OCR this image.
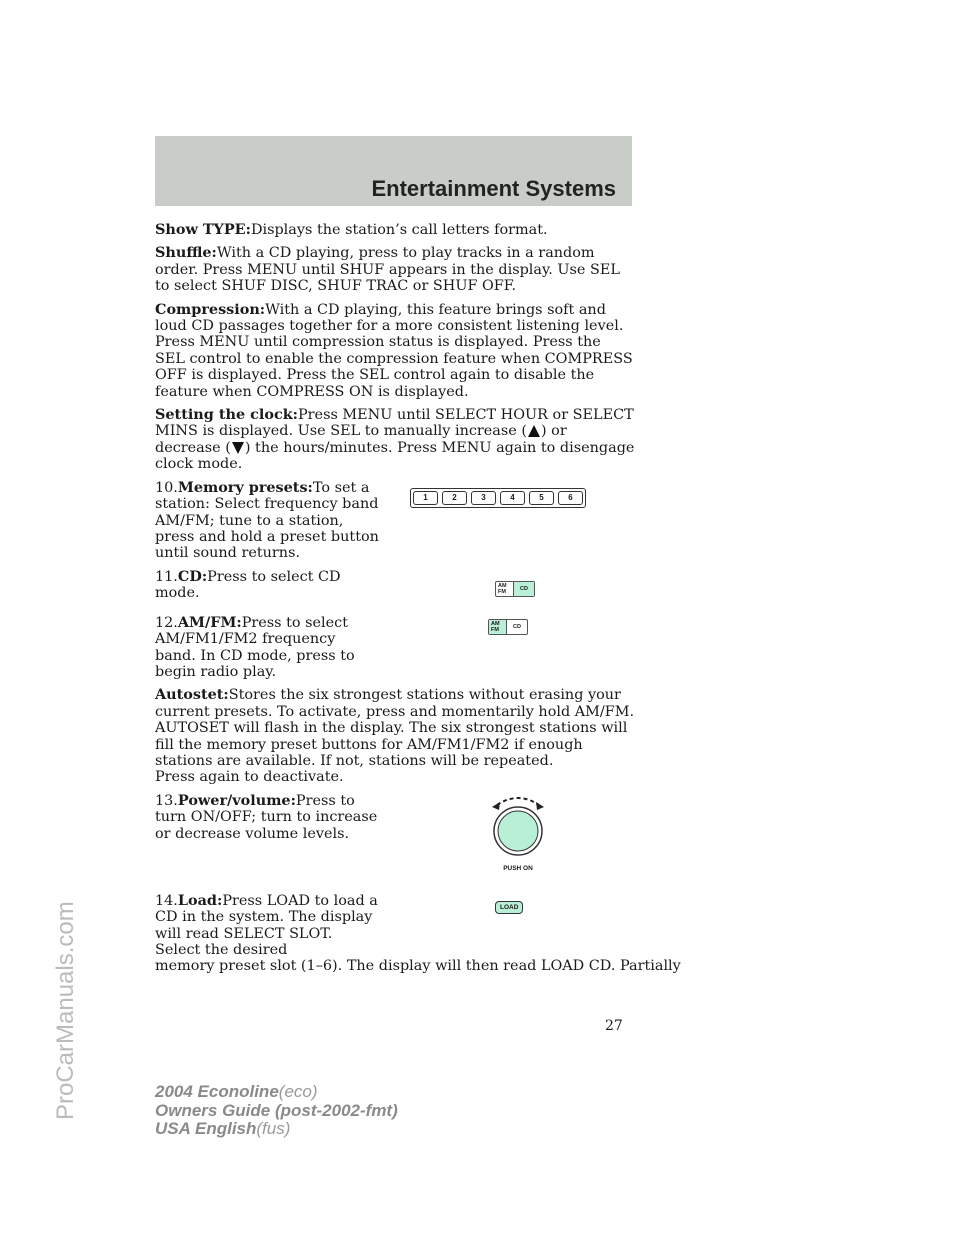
Entertainment Systems
ProCarManuals.com

Show TYPE:Displays the station’s call letters format.

Shuffle:With a CD playing, press to play tracks in a random order. Press MENU until SHUF appears in the display. Use SEL to select SHUF DISC, SHUF TRAC or SHUF OFF.

Compression:With a CD playing, this feature brings soft and loud CD passages together for a more consistent listening level. Press MENU until compression status is displayed. Press the SEL control to enable the compression feature when COMPRESS OFF is displayed. Press the SEL control again to disable the feature when COMPRESS ON is displayed.

Setting the clock:Press MENU until SELECT HOUR or SELECT MINS is displayed. Use SEL to manually increase ( ) or decrease ( ) the hours/minutes. Press MENU again to disengage clock mode.

10.Memory presets:To set a station: Select frequency band AM/FM; tune to a station, press and hold a preset button until sound returns.

1	2	3	4	5	6

11.CD:Press to select CD mode.	AM
FM	CD

12.AM/FM:Press to select AM/FM1/FM2 frequency band. In CD mode, press to begin radio play.

AM
FM	CD

Autostet:Stores the six strongest stations without erasing your current presets. To activate, press and momentarily hold AM/FM. AUTOSET will flash in the display. The six strongest stations will fill the memory preset buttons for AM/FM1/FM2 if enough stations are available. If not, stations will be repeated.
Press again to deactivate.

13.Power/volume:Press to turn ON/OFF; turn to increase or decrease volume levels.

PUSH ON

14.Load:Press LOAD to load a CD in the system. The display will read SELECT SLOT. Select the desired

LOAD

memory preset slot (1–6). The display will then read LOAD CD. Partially

27
2004 Econoline(eco)
Owners Guide (post-2002-fmt)
USA English(fus)
